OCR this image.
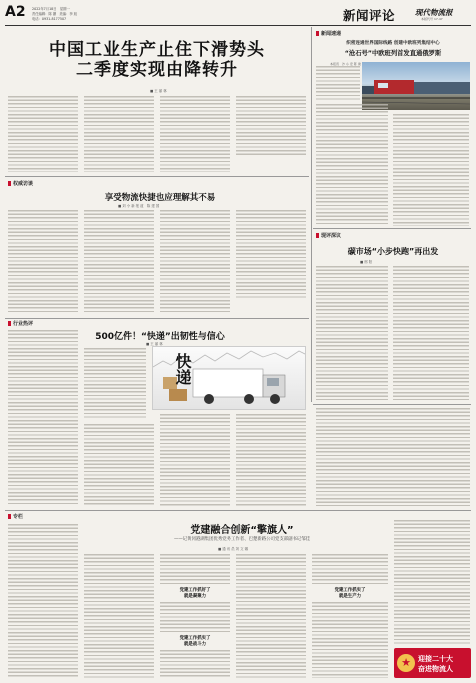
A2 2022年7月18日　星期一
责任编辑：陈 灏　美编：李 旭
电话：0931-8177507	新闻评论	现代物流报
本版代号 17-47
中国工业生产止住下滑势头
二季度实现由降转升
■ 王 丽 林
权威访谈
享受物流快捷也应理解其不易
■ 刘 小 新 报 道　陈 建 国
行业热评
500亿件！“快递”出韧性与信心
■ 王 丽 林
快递
新闻速递
织密连通世界国际线路 创建中欧班列集结中心
“沧石号”中欧班列首发直通俄罗斯
本报讯　沙 小 宏 陈 建
现评深议
碳市场“小步快跑”再出发
■ 邢 阳
专栏
党建融合创新“擎旗人”
——记黄冈港湖集团优秀党务工作者、巴楚新路公司党支部副书记邹佳
■ 通 讯 员 刘 文 娜
党建工作抓好了
就是凝聚力
党建工作抓实了
就是战斗力
党建工作抓实了
就是生产力
★	迎接二十大
奋进物流人
